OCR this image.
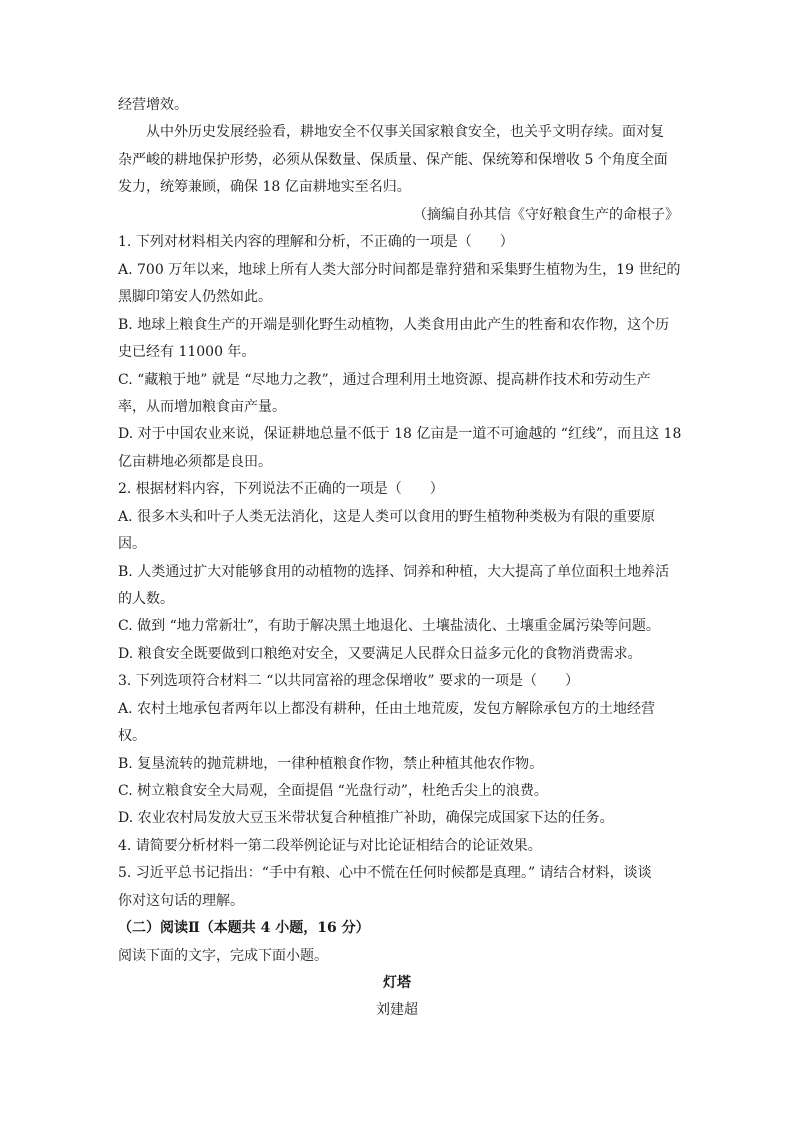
经营增效。
从中外历史发展经验看，耕地安全不仅事关国家粮食安全，也关乎文明存续。面对复
杂严峻的耕地保护形势，必须从保数量、保质量、保产能、保统筹和保增收 5 个角度全面
发力，统筹兼顾，确保 18 亿亩耕地实至名归。
（摘编自孙其信《守好粮食生产的命根子》
1. 下列对材料相关内容的理解和分析，不正确的一项是（　　）
A. 700 万年以来，地球上所有人类大部分时间都是靠狩猎和采集野生植物为生，19 世纪的
黑脚印第安人仍然如此。
B. 地球上粮食生产的开端是驯化野生动植物，人类食用由此产生的牲畜和农作物，这个历
史已经有 11000 年。
C. “藏粮于地” 就是 “尽地力之教”，通过合理利用土地资源、提高耕作技术和劳动生产
率，从而增加粮食亩产量。
D. 对于中国农业来说，保证耕地总量不低于 18 亿亩是一道不可逾越的 “红线”，而且这 18
亿亩耕地必须都是良田。
2. 根据材料内容，下列说法不正确的一项是（　　）
A. 很多木头和叶子人类无法消化，这是人类可以食用的野生植物种类极为有限的重要原
因。
B. 人类通过扩大对能够食用的动植物的选择、饲养和种植，大大提高了单位面积土地养活
的人数。
C. 做到 “地力常新壮”，有助于解决黑土地退化、土壤盐渍化、土壤重金属污染等问题。
D. 粮食安全既要做到口粮绝对安全，又要满足人民群众日益多元化的食物消费需求。
3. 下列选项符合材料二 “以共同富裕的理念保增收” 要求的一项是（　　）
A. 农村土地承包者两年以上都没有耕种，任由土地荒废，发包方解除承包方的土地经营
权。
B. 复垦流转的抛荒耕地，一律种植粮食作物，禁止种植其他农作物。
C. 树立粮食安全大局观，全面提倡 “光盘行动”，杜绝舌尖上的浪费。
D. 农业农村局发放大豆玉米带状复合种植推广补助，确保完成国家下达的任务。
4. 请简要分析材料一第二段举例论证与对比论证相结合的论证效果。
5. 习近平总书记指出：“手中有粮、心中不慌在任何时候都是真理。” 请结合材料，谈谈
你对这句话的理解。
（二）阅读Ⅱ（本题共 4 小题，16 分）
阅读下面的文字，完成下面小题。
灯塔
刘建超
